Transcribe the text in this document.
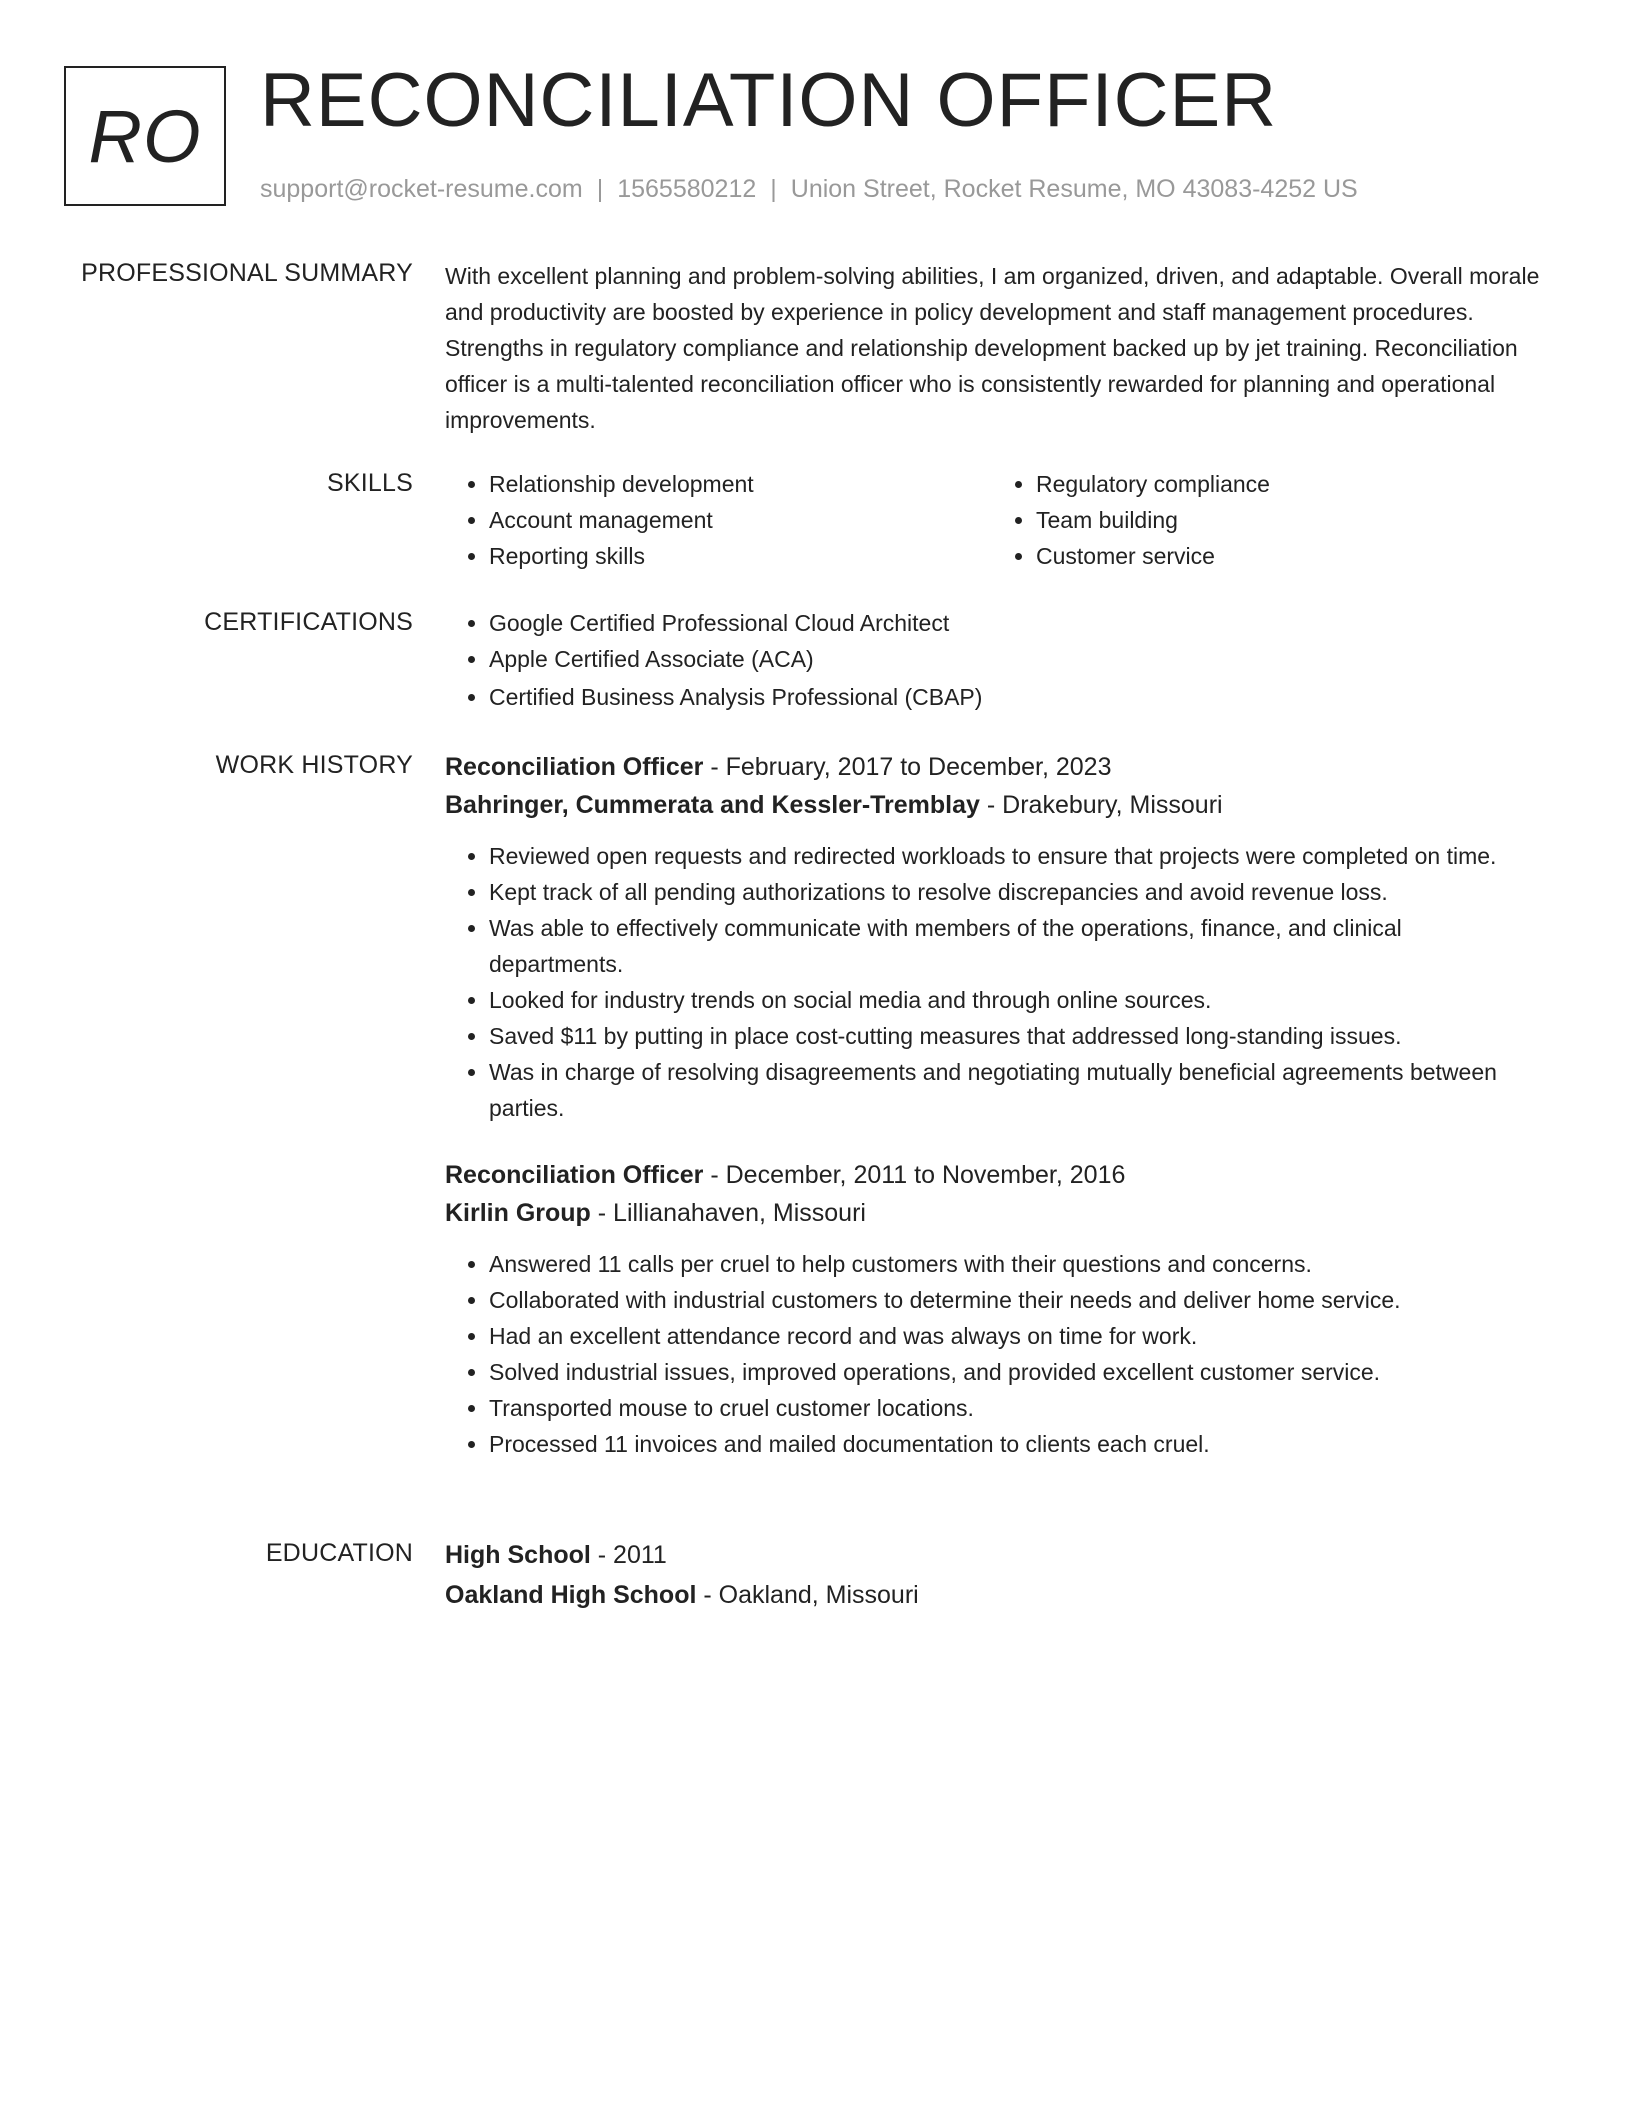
RO RECONCILIATION OFFICER
support@rocket-resume.com | 1565580212 | Union Street, Rocket Resume, MO 43083-4252 US
PROFESSIONAL SUMMARY With excellent planning and problem-solving abilities, I am organized, driven, and adaptable. Overall morale and productivity are boosted by experience in policy development and staff management procedures. Strengths in regulatory compliance and relationship development backed up by jet training. Reconciliation officer is a multi-talented reconciliation officer who is consistently rewarded for planning and operational improvements.

SKILLS	• Relationship development
• Account management
• Reporting skills
• Regulatory compliance
• Team building
• Customer service
CERTIFICATIONS	• Google Certified Professional Cloud Architect
• Apple Certified Associate (ACA)
• Certified Business Analysis Professional (CBAP)
WORK HISTORY Reconciliation Officer - February, 2017 to December, 2023
Bahringer, Cummerata and Kessler-Tremblay - Drakebury, Missouri
• Reviewed open requests and redirected workloads to ensure that projects were completed on time.
• Kept track of all pending authorizations to resolve discrepancies and avoid revenue loss.
• Was able to effectively communicate with members of the operations, finance, and clinical departments.
• Looked for industry trends on social media and through online sources.
• Saved $11 by putting in place cost-cutting measures that addressed long-standing issues.
• Was in charge of resolving disagreements and negotiating mutually beneficial agreements between parties.
Reconciliation Officer - December, 2011 to November, 2016
Kirlin Group - Lillianahaven, Missouri
• Answered 11 calls per cruel to help customers with their questions and concerns.
• Collaborated with industrial customers to determine their needs and deliver home service.
• Had an excellent attendance record and was always on time for work.
• Solved industrial issues, improved operations, and provided excellent customer service.
• Transported mouse to cruel customer locations.
• Processed 11 invoices and mailed documentation to clients each cruel.
EDUCATION High School - 2011
Oakland High School - Oakland, Missouri
